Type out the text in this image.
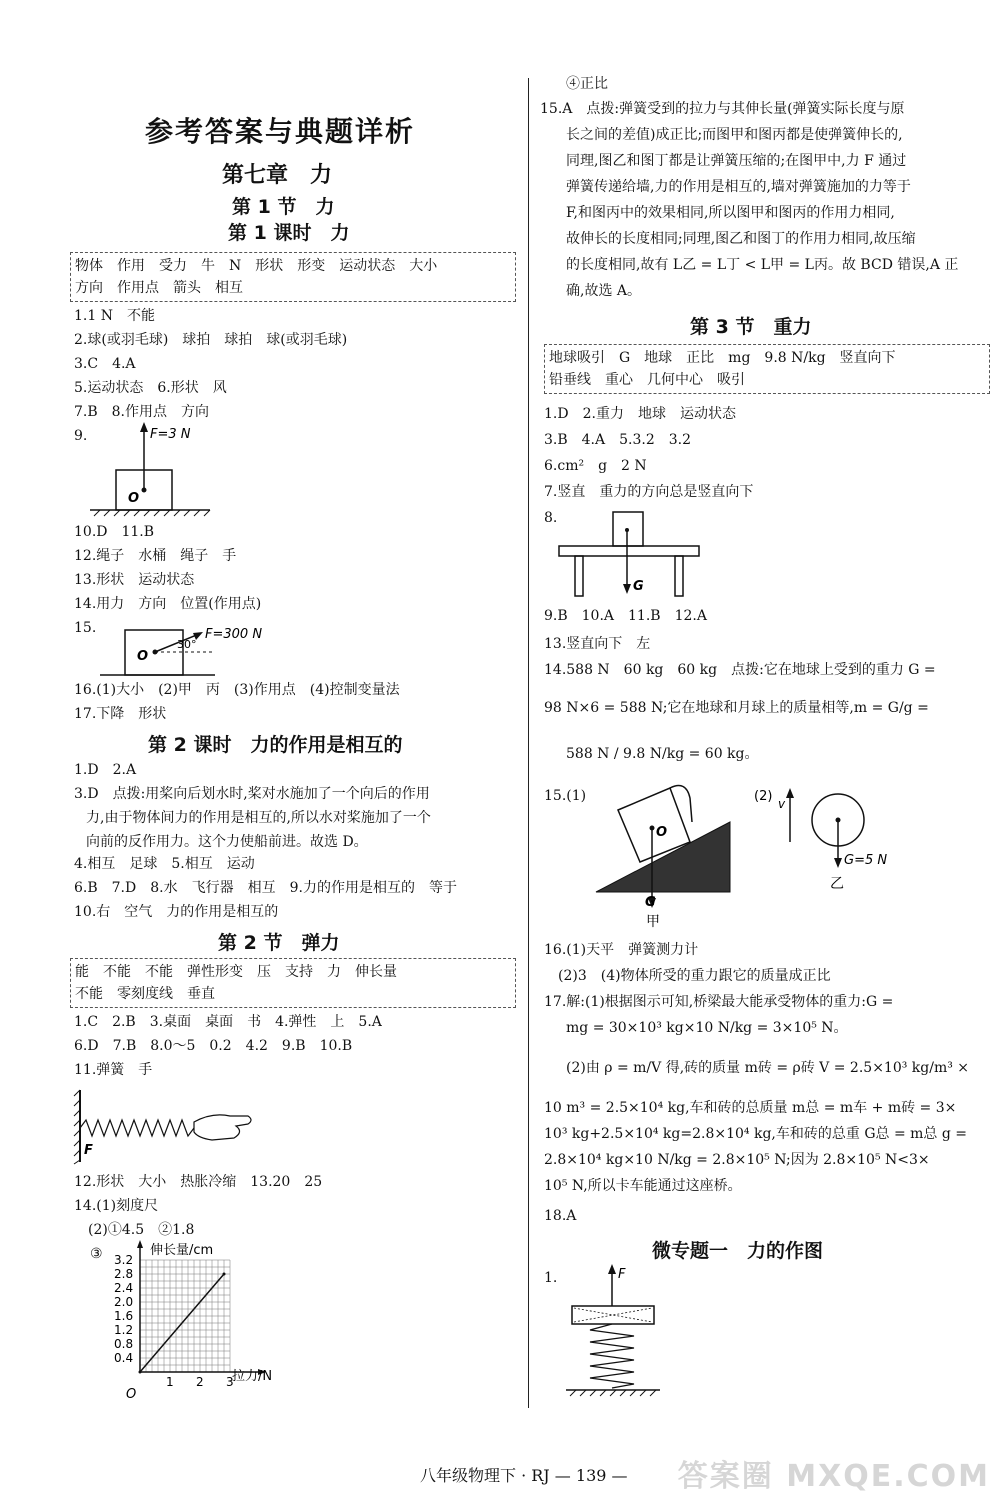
参考答案与典题详析
第七章　力
第 1 节　力
第 1 课时　力
物体　作用　受力　牛　N　形状　形变　运动状态　大小
方向　作用点　箭头　相互
1.1 N　不能
2.球(或羽毛球)　球拍　球拍　球(或羽毛球)
3.C　4.A
5.运动状态　6.形状　风
7.B　8.作用点　方向
9.	F=3 N
O
10.D　11.B
12.绳子　水桶　绳子　手
13.形状　运动状态
14.用力　方向　位置(作用点)
15.
30°
F=300 N
O
16.(1)大小　(2)甲　丙　(3)作用点　(4)控制变量法
17.下降　形状
第 2 课时　力的作用是相互的
1.D　2.A
3.D　点拨:用桨向后划水时,桨对水施加了一个向后的作用
力,由于物体间力的作用是相互的,所以水对桨施加了一个
向前的反作用力。这个力使船前进。故选 D。
4.相互　足球　5.相互　运动
6.B　7.D　8.水　飞行器　相互　9.力的作用是相互的　等于
10.右　空气　力的作用是相互的
第 2 节　弹力
能　不能　不能　弹性形变　压　支持　力　伸长量
不能　零刻度线　垂直
1.C　2.B　3.桌面　桌面　书　4.弹性　上　5.A
6.D　7.B　8.0～5　0.2　4.2　9.B　10.B
11.弹簧　手
F
12.形状　大小　热胀冷缩　13.20　25
14.(1)刻度尺
　(2)①4.5　②1.8
③
1 2 3
0.4
0.8
1.2
1.6
2.0
2.4
2.8
3.2
伸长量/cm
拉力/N
O
④正比
15.A　点拨:弹簧受到的拉力与其伸长量(弹簧实际长度与原
长之间的差值)成正比;而图甲和图丙都是使弹簧伸长的,
同理,图乙和图丁都是让弹簧压缩的;在图甲中,力 F 通过
弹簧传递给墙,力的作用是相互的,墙对弹簧施加的力等于
F,和图丙中的效果相同,所以图甲和图丙的作用力相同,
故伸长的长度相同;同理,图乙和图丁的作用力相同,故压缩
的长度相同,故有 L乙 = L丁 < L甲 = L丙。故 BCD 错误,A 正
确,故选 A。
第 3 节　重力
地球吸引　G　地球　正比　mg　9.8 N/kg　竖直向下
铅垂线　重心　几何中心　吸引
1.D　2.重力　地球　运动状态
3.B　4.A　5.3.2　3.2
6.cm²　g　2 N
7.竖直　重力的方向总是竖直向下
8.
G
9.B　10.A　11.B　12.A
13.竖直向下　左
14.588 N　60 kg　60 kg　点拨:它在地球上受到的重力 G =
98 N×6 = 588 N;它在地球和月球上的质量相等,m = G/g =
588 N / 9.8 N/kg = 60 kg。
15.(1)
G
O
甲
(2) v
G=5 N
乙
16.(1)天平　弹簧测力计
　(2)3　(4)物体所受的重力跟它的质量成正比
17.解:(1)根据图示可知,桥梁最大能承受物体的重力:G =
mg = 30×10³ kg×10 N/kg = 3×10⁵ N。
(2)由 ρ = m/V 得,砖的质量 m砖 = ρ砖 V = 2.5×10³ kg/m³ ×
10 m³ = 2.5×10⁴ kg,车和砖的总质量 m总 = m车 + m砖 = 3×
10³ kg+2.5×10⁴ kg=2.8×10⁴ kg,车和砖的总重 G总 = m总 g =
2.8×10⁴ kg×10 N/kg = 2.8×10⁵ N;因为 2.8×10⁵ N<3×
10⁵ N,所以卡车能通过这座桥。
18.A
微专题一　力的作图
1.	F
八年级物理下 · RJ — 139 — 答案圈 MXQE.COM
